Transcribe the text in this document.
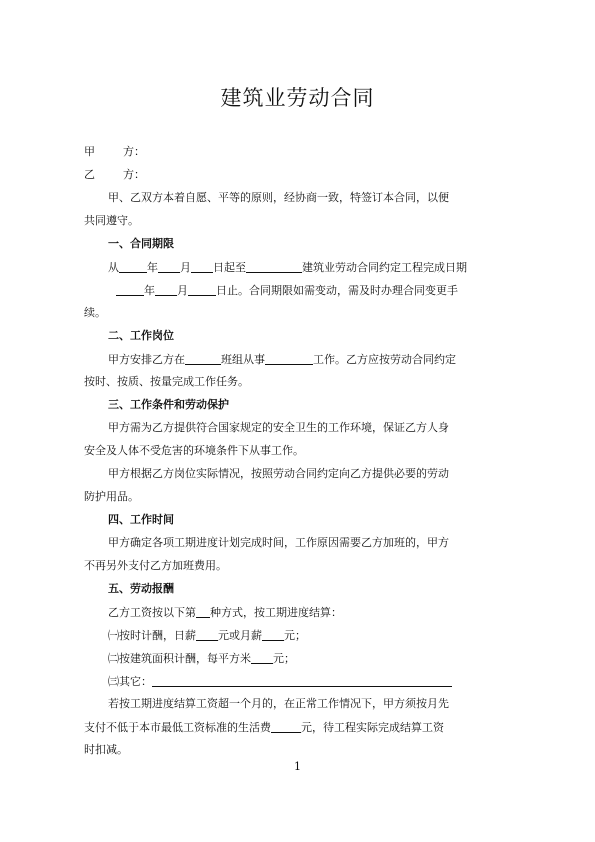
建筑业劳动合同
甲	方：
乙	方：
甲、乙双方本着自愿、平等的原则，经协商一致，特签订本合同，以便
共同遵守。
一、合同期限
从	年 月 日起至	建筑业劳动合同约定工程完成日期
年 月	日止。合同期限如需变动，需及时办理合同变更手
续。
二、工作岗位
甲方安排乙方在	班组从事	工作。乙方应按劳动合同约定
按时、按质、按量完成工作任务。
三、工作条件和劳动保护
甲方需为乙方提供符合国家规定的安全卫生的工作环境，保证乙方人身
安全及人体不受危害的环境条件下从事工作。
甲方根据乙方岗位实际情况，按照劳动合同约定向乙方提供必要的劳动
防护用品。
四、工作时间
甲方确定各项工期进度计划完成时间，工作原因需要乙方加班的，甲方
不再另外支付乙方加班费用。
五、劳动报酬
乙方工资按以下第 种方式，按工期进度结算：
㈠按时计酬，日薪 元或月薪 元；
㈡按建筑面积计酬，每平方米 元；
㈢其它：
若按工期进度结算工资超一个月的，在正常工作情况下，甲方须按月先
支付不低于本市最低工资标准的生活费	元，待工程实际完成结算工资
时扣减。
1
